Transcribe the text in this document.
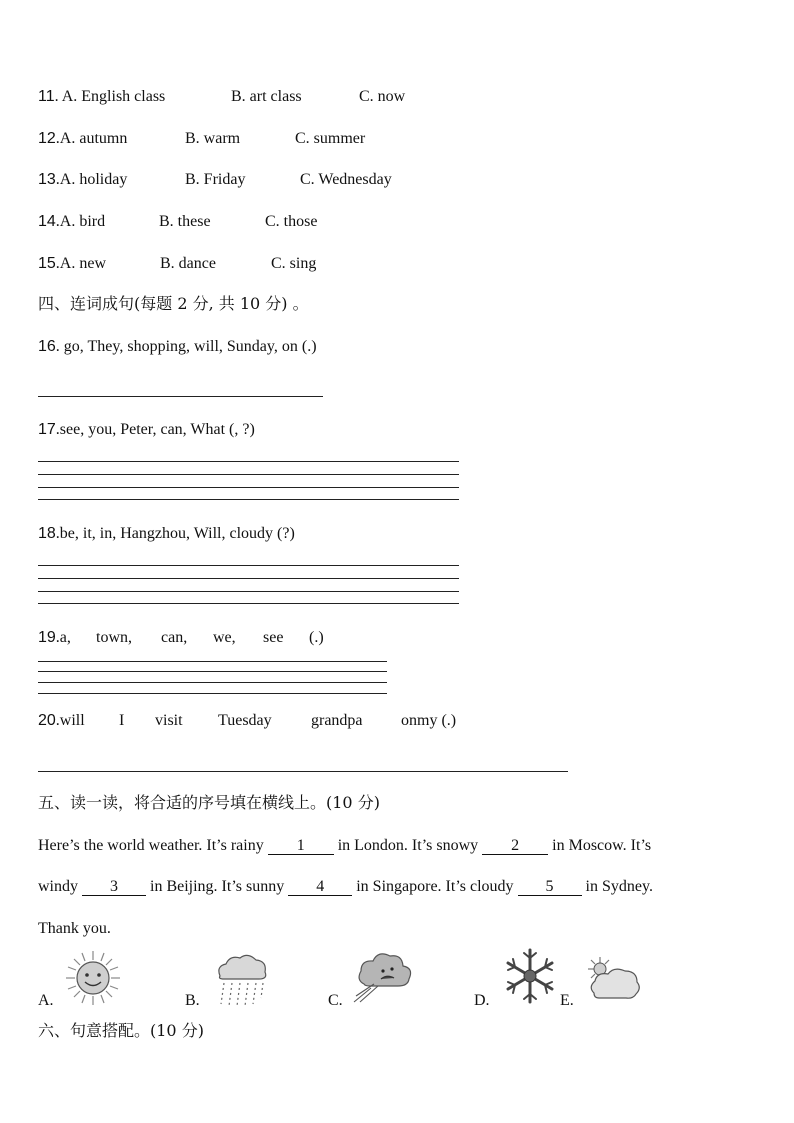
11. A. English class	B. art class	C. now
12.A. autumn	B. warm	C. summer
13.A. holiday	B. Friday	C. Wednesday
14.A. bird	B. these	C. those
15.A. new	B. dance	C. sing
四、连词成句(每题 2 分, 共 10 分) 。
16. go, They, shopping, will, Sunday, on (.)
17.see, you, Peter, can, What (, ?)
18.be, it, in, Hangzhou, Will, cloudy (?)
19.a, town, can, we, see (.)
20.will I visit Tuesday grandpa onmy (.)
五、读一读，将合适的序号填在横线上。(10 分)
Here’s the world weather. It’s rainy 1 in London. It’s snowy 2 in Moscow. It’s
windy 3 in Beijing. It’s sunny 4 in Singapore. It’s cloudy 5 in Sydney.
Thank you.
A.	B.	C.	D.	E.
六、句意搭配。(10 分)
